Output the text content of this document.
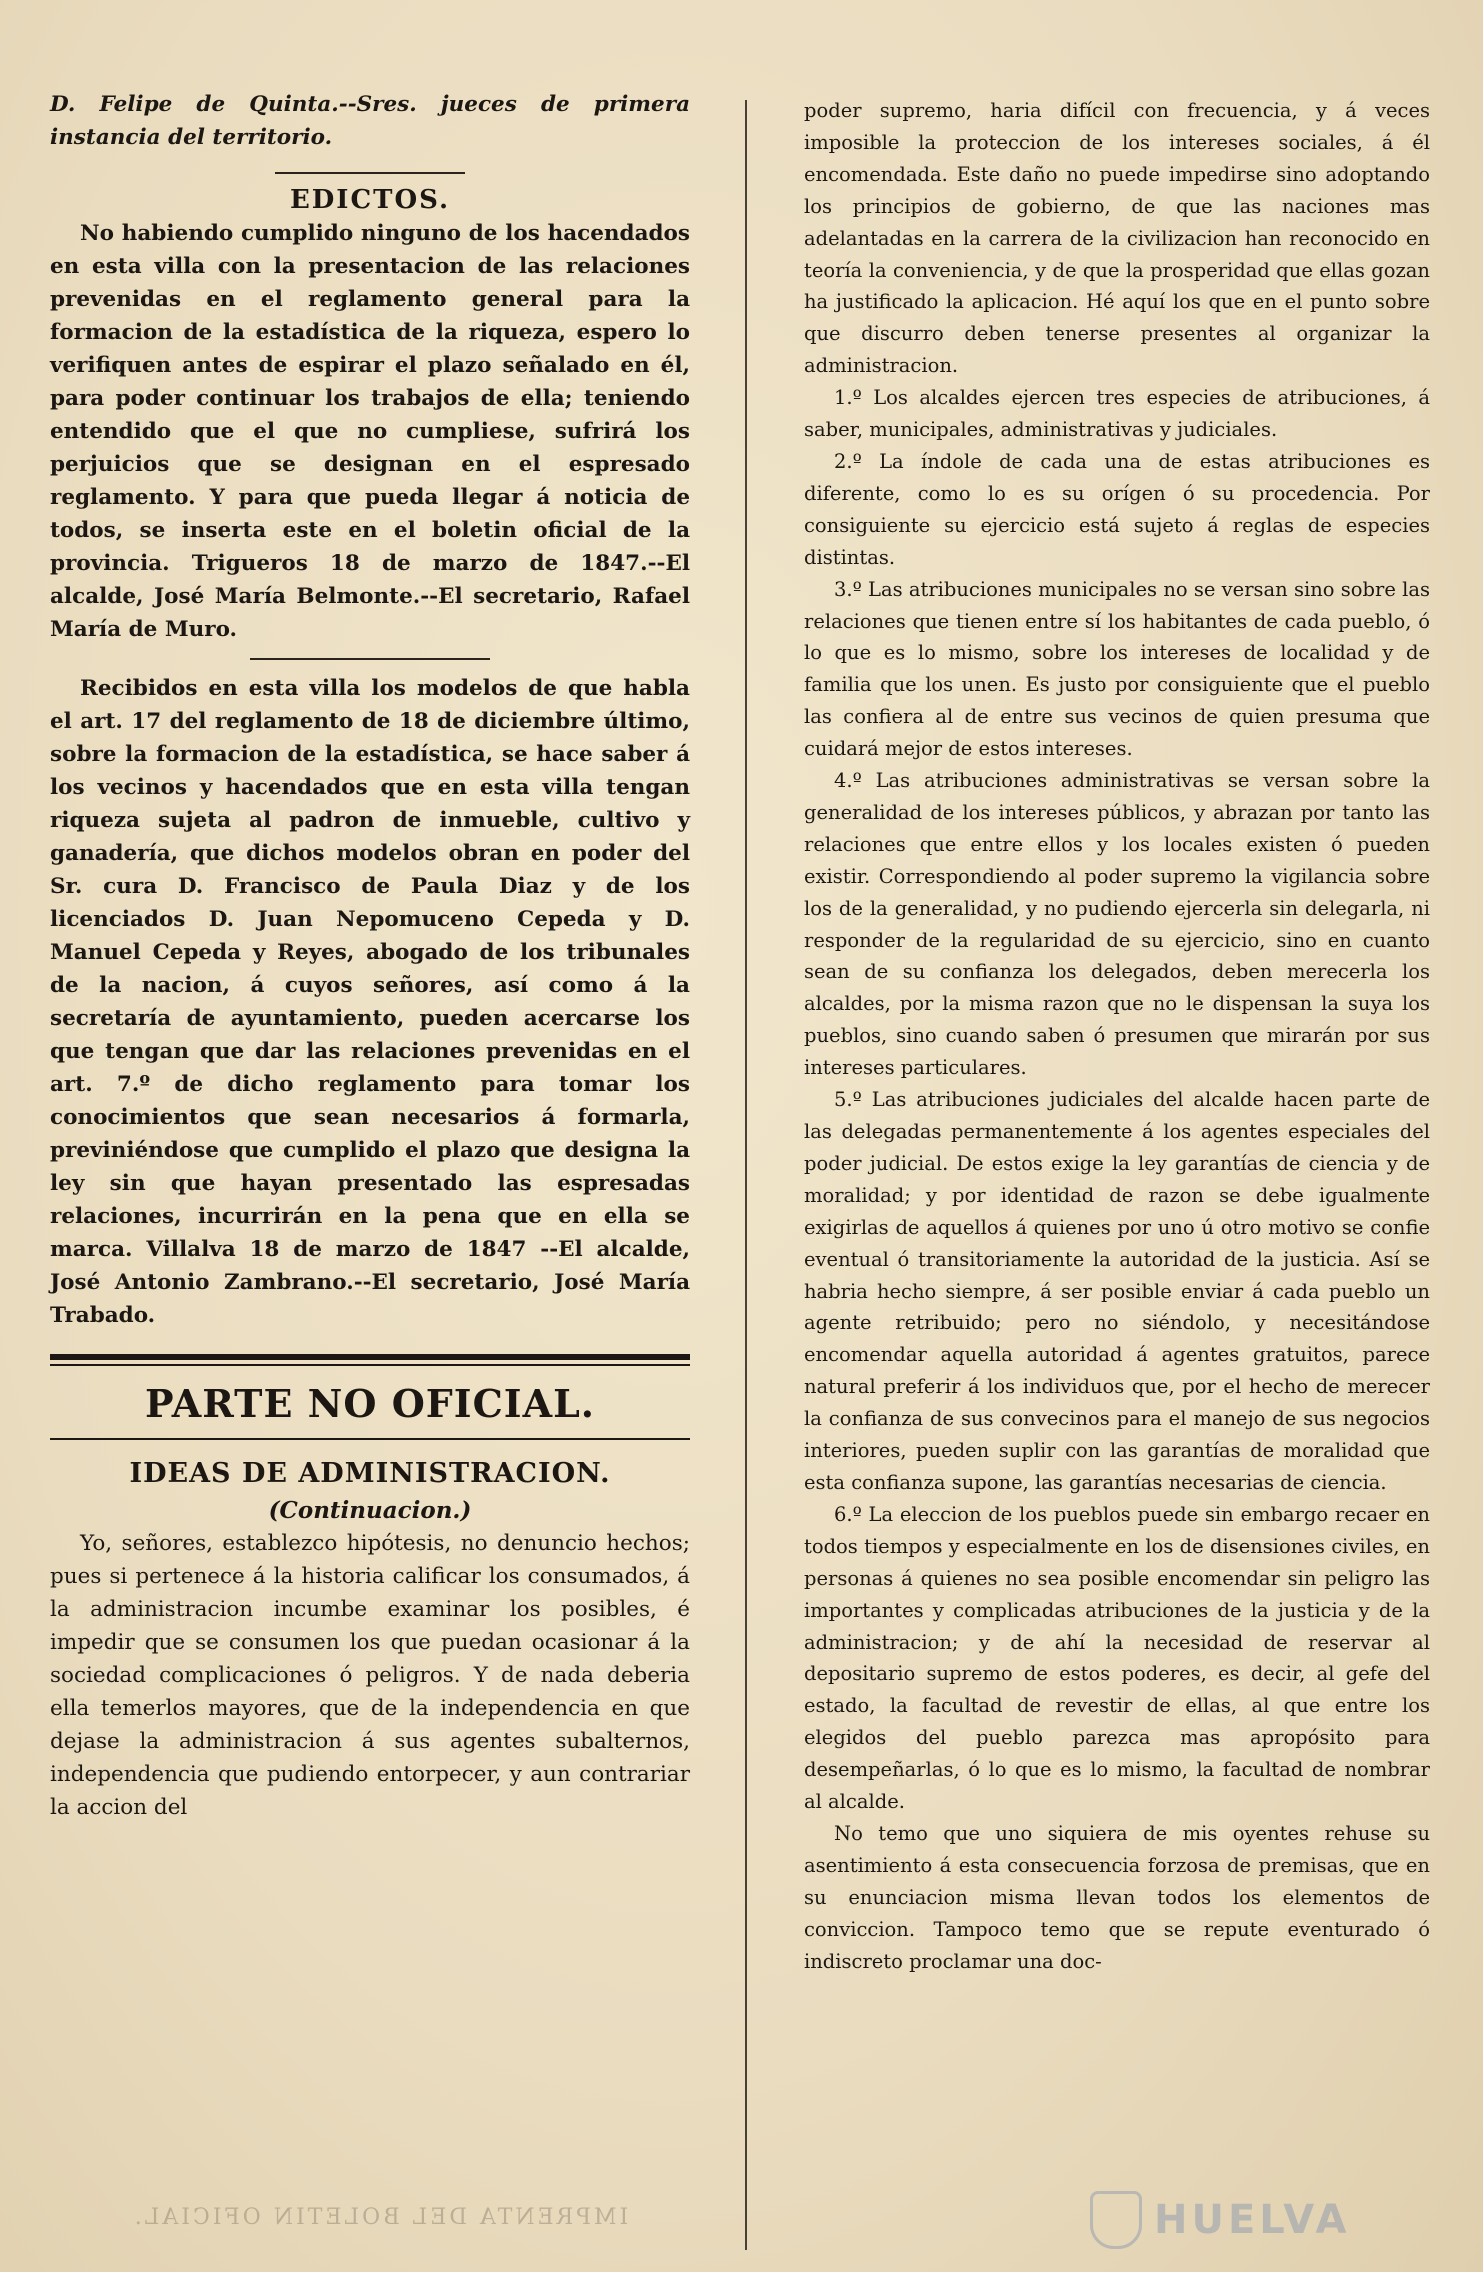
D. Felipe de Quinta.--Sres. jueces de primera instancia del territorio.

EDICTOS.

No habiendo cumplido ninguno de los hacendados en esta villa con la presentacion de las relaciones prevenidas en el reglamento general para la formacion de la estadística de la riqueza, espero lo verifiquen antes de espirar el plazo señalado en él, para poder continuar los trabajos de ella; teniendo entendido que el que no cumpliese, sufrirá los perjuicios que se designan en el espresado reglamento. Y para que pueda llegar á noticia de todos, se inserta este en el boletin oficial de la provincia. Trigueros 18 de marzo de 1847.--El alcalde, José María Belmonte.--El secretario, Rafael María de Muro.

Recibidos en esta villa los modelos de que habla el art. 17 del reglamento de 18 de diciembre último, sobre la formacion de la estadística, se hace saber á los vecinos y hacendados que en esta villa tengan riqueza sujeta al padron de inmueble, cultivo y ganadería, que dichos modelos obran en poder del Sr. cura D. Francisco de Paula Diaz y de los licenciados D. Juan Nepomuceno Cepeda y D. Manuel Cepeda y Reyes, abogado de los tribunales de la nacion, á cuyos señores, así como á la secretaría de ayuntamiento, pueden acercarse los que tengan que dar las relaciones prevenidas en el art. 7.º de dicho reglamento para tomar los conocimientos que sean necesarios á formarla, previniéndose que cumplido el plazo que designa la ley sin que hayan presentado las espresadas relaciones, incurrirán en la pena que en ella se marca. Villalva 18 de marzo de 1847 --El alcalde, José Antonio Zambrano.--El secretario, José María Trabado.

PARTE NO OFICIAL.

IDEAS DE ADMINISTRACION.

(Continuacion.)

Yo, señores, establezco hipótesis, no denuncio hechos; pues si pertenece á la historia calificar los consumados, á la administracion incumbe examinar los posibles, é impedir que se consumen los que puedan ocasionar á la sociedad complicaciones ó peligros. Y de nada deberia ella temerlos mayores, que de la independencia en que dejase la administracion á sus agentes subalternos, independencia que pudiendo entorpecer, y aun contrariar la accion del

poder supremo, haria difícil con frecuencia, y á veces imposible la proteccion de los intereses sociales, á él encomendada. Este daño no puede impedirse sino adoptando los principios de gobierno, de que las naciones mas adelantadas en la carrera de la civilizacion han reconocido en teoría la conveniencia, y de que la prosperidad que ellas gozan ha justificado la aplicacion. Hé aquí los que en el punto sobre que discurro deben tenerse presentes al organizar la administracion.

1.º Los alcaldes ejercen tres especies de atribuciones, á saber, municipales, administrativas y judiciales.

2.º La índole de cada una de estas atribuciones es diferente, como lo es su orígen ó su procedencia. Por consiguiente su ejercicio está sujeto á reglas de especies distintas.

3.º Las atribuciones municipales no se versan sino sobre las relaciones que tienen entre sí los habitantes de cada pueblo, ó lo que es lo mismo, sobre los intereses de localidad y de familia que los unen. Es justo por consiguiente que el pueblo las confiera al de entre sus vecinos de quien presuma que cuidará mejor de estos intereses.

4.º Las atribuciones administrativas se versan sobre la generalidad de los intereses públicos, y abrazan por tanto las relaciones que entre ellos y los locales existen ó pueden existir. Correspondiendo al poder supremo la vigilancia sobre los de la generalidad, y no pudiendo ejercerla sin delegarla, ni responder de la regularidad de su ejercicio, sino en cuanto sean de su confianza los delegados, deben merecerla los alcaldes, por la misma razon que no le dispensan la suya los pueblos, sino cuando saben ó presumen que mirarán por sus intereses particulares.

5.º Las atribuciones judiciales del alcalde hacen parte de las delegadas permanentemente á los agentes especiales del poder judicial. De estos exige la ley garantías de ciencia y de moralidad; y por identidad de razon se debe igualmente exigirlas de aquellos á quienes por uno ú otro motivo se confie eventual ó transitoriamente la autoridad de la justicia. Así se habria hecho siempre, á ser posible enviar á cada pueblo un agente retribuido; pero no siéndolo, y necesitándose encomendar aquella autoridad á agentes gratuitos, parece natural preferir á los individuos que, por el hecho de merecer la confianza de sus convecinos para el manejo de sus negocios interiores, pueden suplir con las garantías de moralidad que esta confianza supone, las garantías necesarias de ciencia.

6.º La eleccion de los pueblos puede sin embargo recaer en todos tiempos y especialmente en los de disensiones civiles, en personas á quienes no sea posible encomendar sin peligro las importantes y complicadas atribuciones de la justicia y de la administracion; y de ahí la necesidad de reservar al depositario supremo de estos poderes, es decir, al gefe del estado, la facultad de revestir de ellas, al que entre los elegidos del pueblo parezca mas apropósito para desempeñarlas, ó lo que es lo mismo, la facultad de nombrar al alcalde.

No temo que uno siquiera de mis oyentes rehuse su asentimiento á esta consecuencia forzosa de premisas, que en su enunciacion misma llevan todos los elementos de conviccion. Tampoco temo que se repute eventurado ó indiscreto proclamar una doc-

IMPRENTA DEL BOLETIN OFICIAL.	HUELVA
